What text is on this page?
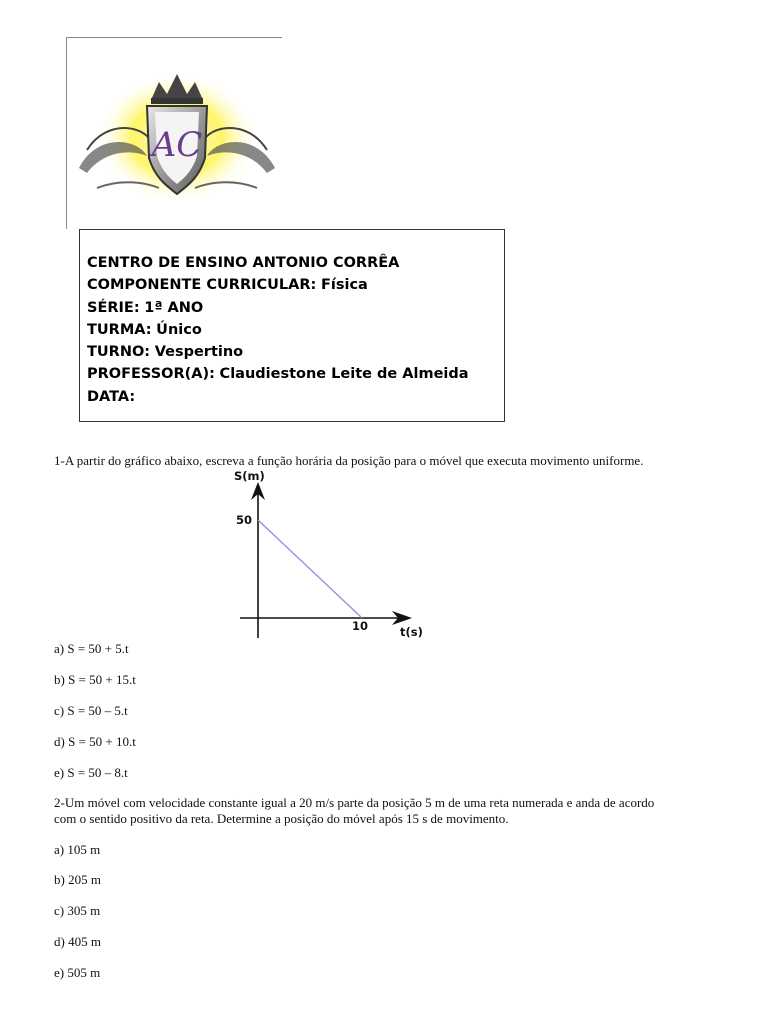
AC
CENTRO DE ENSINO ANTONIO CORRÊA
COMPONENTE CURRICULAR: Física
SÉRIE: 1ª ANO
TURMA: Único
TURNO: Vespertino
PROFESSOR(A): Claudiestone Leite de Almeida
DATA:
1-A partir do gráfico abaixo, escreva a função horária da posição para o móvel que executa movimento uniforme.
S(m)
50
10	t(s)
a) S = 50 + 5.t
b) S = 50 + 15.t
c) S = 50 – 5.t
d) S = 50 + 10.t
e) S = 50 – 8.t
2-Um móvel com velocidade constante igual a 20 m/s parte da posição 5 m de uma reta numerada e anda de acordo
com o sentido positivo da reta. Determine a posição do móvel após 15 s de movimento.
a) 105 m
b) 205 m
c) 305 m
d) 405 m
e) 505 m
